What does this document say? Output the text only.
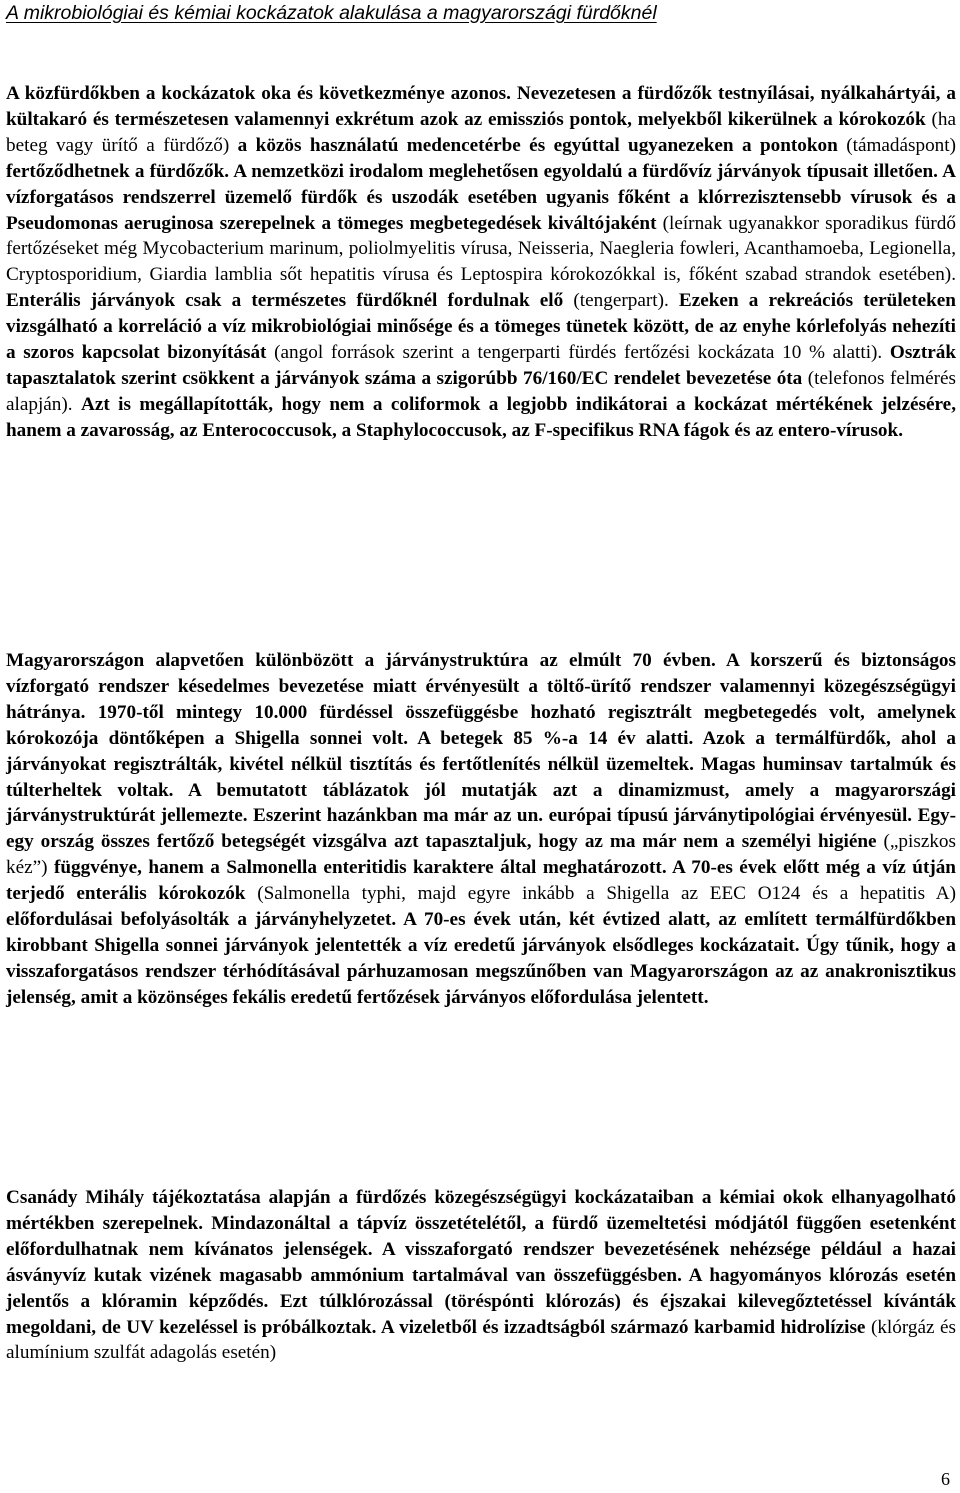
A mikrobiológiai és kémiai kockázatok alakulása a magyarországi fürdőknél
A közfürdőkben a kockázatok oka és következménye azonos. Nevezetesen a fürdőzők testnyílásai, nyálkahártyái, a kültakaró és természetesen valamennyi exkrétum azok az emissziós pontok, melyekből kikerülnek a kórokozók (ha beteg vagy ürítő a fürdőző) a közös használatú medencetérbe és egyúttal ugyanezeken a pontokon (támadáspont) fertőződhetnek a fürdőzők. A nemzetközi irodalom meglehetősen egyoldalú a fürdővíz járványok típusait illetően. A vízforgatásos rendszerrel üzemelő fürdők és uszodák esetében ugyanis főként a klórrezisztensebb vírusok és a Pseudomonas aeruginosa szerepelnek a tömeges megbetegedések kiváltójaként (leírnak ugyanakkor sporadikus fürdő fertőzéseket még Mycobacterium marinum, poliolmyelitis vírusa, Neisseria, Naegleria fowleri, Acanthamoeba, Legionella, Cryptosporidium, Giardia lamblia sőt hepatitis vírusa és Leptospira kórokozókkal is, főként szabad strandok esetében). Enterális járványok csak a természetes fürdőknél fordulnak elő (tengerpart). Ezeken a rekreációs területeken vizsgálható a korreláció a víz mikrobiológiai minősége és a tömeges tünetek között, de az enyhe kórlefolyás nehezíti a szoros kapcsolat bizonyítását (angol források szerint a tengerparti fürdés fertőzési kockázata 10 % alatti). Osztrák tapasztalatok szerint csökkent a járványok száma a szigorúbb 76/160/EC rendelet bevezetése óta (telefonos felmérés alapján). Azt is megállapították, hogy nem a coliformok a legjobb indikátorai a kockázat mértékének jelzésére, hanem a zavarosság, az Enterococcusok, a Staphylococcusok, az F-specifikus RNA fágok és az entero-vírusok.
Magyarországon alapvetően különbözött a járványstruktúra az elmúlt 70 évben. A korszerű és biztonságos vízforgató rendszer késedelmes bevezetése miatt érvényesült a töltő-ürítő rendszer valamennyi közegészségügyi hátránya. 1970-től mintegy 10.000 fürdéssel összefüggésbe hozható regisztrált megbetegedés volt, amelynek kórokozója döntőképen a Shigella sonnei volt. A betegek 85 %-a 14 év alatti. Azok a termálfürdők, ahol a járványokat regisztrálták, kivétel nélkül tisztítás és fertőtlenítés nélkül üzemeltek. Magas huminsav tartalmúk és túlterheltek voltak. A bemutatott táblázatok jól mutatják azt a dinamizmust, amely a magyarországi járványstruktúrát jellemezte. Eszerint hazánkban ma már az un. európai típusú járványtipológiai érvényesül. Egy-egy ország összes fertőző betegségét vizsgálva azt tapasztaljuk, hogy az ma már nem a személyi higiéne („piszkos kéz”) függvénye, hanem a Salmonella enteritidis karaktere által meghatározott. A 70-es évek előtt még a víz útján terjedő enterális kórokozók (Salmonella typhi, majd egyre inkább a Shigella az EEC O124 és a hepatitis A) előfordulásai befolyásolták a járványhelyzetet. A 70-es évek után, két évtized alatt, az említett termálfürdőkben kirobbant Shigella sonnei járványok jelentették a víz eredetű járványok elsődleges kockázatait. Úgy tűnik, hogy a visszaforgatásos rendszer térhódításával párhuzamosan megszűnőben van Magyarországon az az anakronisztikus jelenség, amit a közönséges fekális eredetű fertőzések járványos előfordulása jelentett.
Csanády Mihály tájékoztatása alapján a fürdőzés közegészségügyi kockázataiban a kémiai okok elhanyagolható mértékben szerepelnek. Mindazonáltal a tápvíz összetételétől, a fürdő üzemeltetési módjától függően esetenként előfordulhatnak nem kívánatos jelenségek. A visszaforgató rendszer bevezetésének nehézsége például a hazai ásványvíz kutak vizének magasabb ammónium tartalmával van összefüggésben. A hagyományos klórozás esetén jelentős a klóramin képződés. Ezt túlklórozással (töréspónti klórozás) és éjszakai kilevegőztetéssel kívánták megoldani, de UV kezeléssel is próbálkoztak. A vizeletből és izzadtságból származó karbamid hidrolízise (klórgáz és alumínium szulfát adagolás esetén)
6
